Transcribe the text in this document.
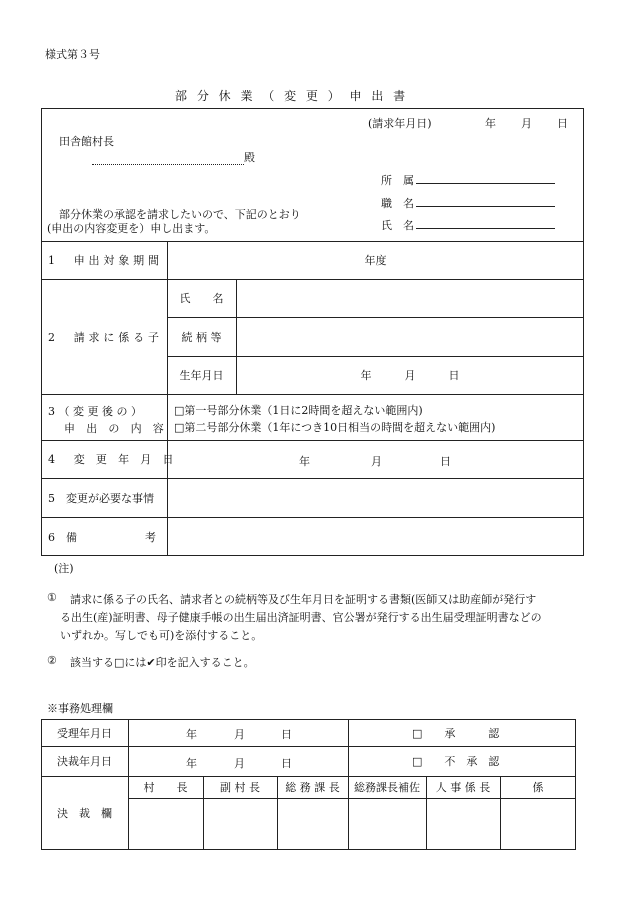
様式第３号
部 分 休 業 （ 変 更 ） 申 出 書
(請求年月日)	年 月 日
田舎館村長
殿
所　属
職　名
氏　名
部分休業の承認を請求したいので、下記のとおり
(申出の内容変更を）申し出ます。
1　申出対象期間	年度
2　請求に係る子
氏　　名
続 柄 等
生年月日	年　　　月　　　日
3 （ 変 更 後 の ）
申 出 の 内 容
□第一号部分休業（1日に2時間を超えない範囲内)
□第二号部分休業（1年につき10日相当の時間を超えない範囲内)
4　変 更 年 月 日	年	月	日
5　変更が必要な事情
6　備	考
(注)
① 請求に係る子の氏名、請求者との続柄等及び生年月日を証明する書類(医師又は助産師が発行す
る出生(産)証明書、母子健康手帳の出生届出済証明書、官公署が発行する出生届受理証明書などの
いずれか。写しでも可)を添付すること。
② 該当する□には✔印を記入すること。
※事務処理欄
受理年月日	年	月	日	□　　承　　　認
決裁年月日	年	月	日	□　　不　承　認
決　裁　欄
村　　長	副 村 長	総 務 課 長	総務課長補佐	人 事 係 長	係
